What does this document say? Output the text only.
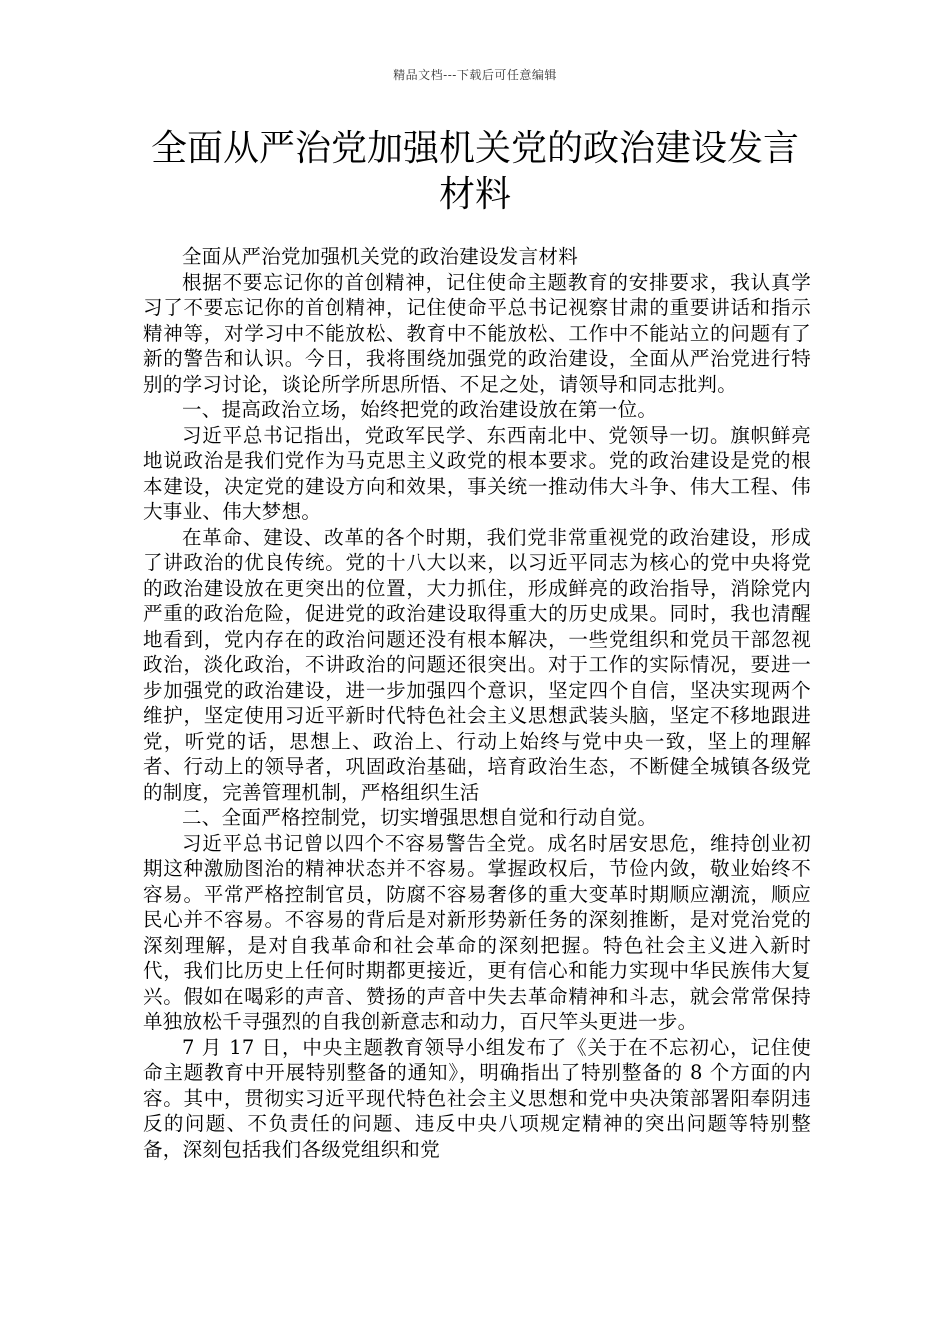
精品文档---下载后可任意编辑
全面从严治党加强机关党的政治建设发言材料

全面从严治党加强机关党的政治建设发言材料

根据不要忘记你的首创精神，记住使命主题教育的安排要求，我认真学习了不要忘记你的首创精神，记住使命平总书记视察甘肃的重要讲话和指示精神等，对学习中不能放松、教育中不能放松、工作中不能站立的问题有了新的警告和认识。今日，我将围绕加强党的政治建设，全面从严治党进行特别的学习讨论，谈论所学所思所悟、不足之处，请领导和同志批判。

一、提高政治立场，始终把党的政治建设放在第一位。

习近平总书记指出，党政军民学、东西南北中、党领导一切。旗帜鲜亮地说政治是我们党作为马克思主义政党的根本要求。党的政治建设是党的根本建设，决定党的建设方向和效果，事关统一推动伟大斗争、伟大工程、伟大事业、伟大梦想。

在革命、建设、改革的各个时期，我们党非常重视党的政治建设，形成了讲政治的优良传统。党的十八大以来，以习近平同志为核心的党中央将党的政治建设放在更突出的位置，大力抓住，形成鲜亮的政治指导，消除党内严重的政治危险，促进党的政治建设取得重大的历史成果。同时，我也清醒地看到，党内存在的政治问题还没有根本解决，一些党组织和党员干部忽视政治，淡化政治，不讲政治的问题还很突出。对于工作的实际情况，要进一步加强党的政治建设，进一步加强四个意识，坚定四个自信，坚决实现两个维护，坚定使用习近平新时代特色社会主义思想武装头脑，坚定不移地跟进党，听党的话，思想上、政治上、行动上始终与党中央一致，坚上的理解者、行动上的领导者，巩固政治基础，培育政治生态，不断健全城镇各级党的制度，完善管理机制，严格组织生活

二、全面严格控制党，切实增强思想自觉和行动自觉。

习近平总书记曾以四个不容易警告全党。成名时居安思危，维持创业初期这种激励图治的精神状态并不容易。掌握政权后，节俭内敛，敬业始终不容易。平常严格控制官员，防腐不容易奢侈的重大变革时期顺应潮流，顺应民心并不容易。不容易的背后是对新形势新任务的深刻推断，是对党治党的深刻理解，是对自我革命和社会革命的深刻把握。特色社会主义进入新时代，我们比历史上任何时期都更接近，更有信心和能力实现中华民族伟大复兴。假如在喝彩的声音、赞扬的声音中失去革命精神和斗志，就会常常保持单独放松千寻强烈的自我创新意志和动力，百尺竿头更进一步。

7 月 17 日，中央主题教育领导小组发布了《关于在不忘初心，记住使命主题教育中开展特别整备的通知》，明确指出了特别整备的 8 个方面的内容。其中，贯彻实习近平现代特色社会主义思想和党中央决策部署阳奉阴违反的问题、不负责任的问题、违反中央八项规定精神的突出问题等特别整备，深刻包括我们各级党组织和党
